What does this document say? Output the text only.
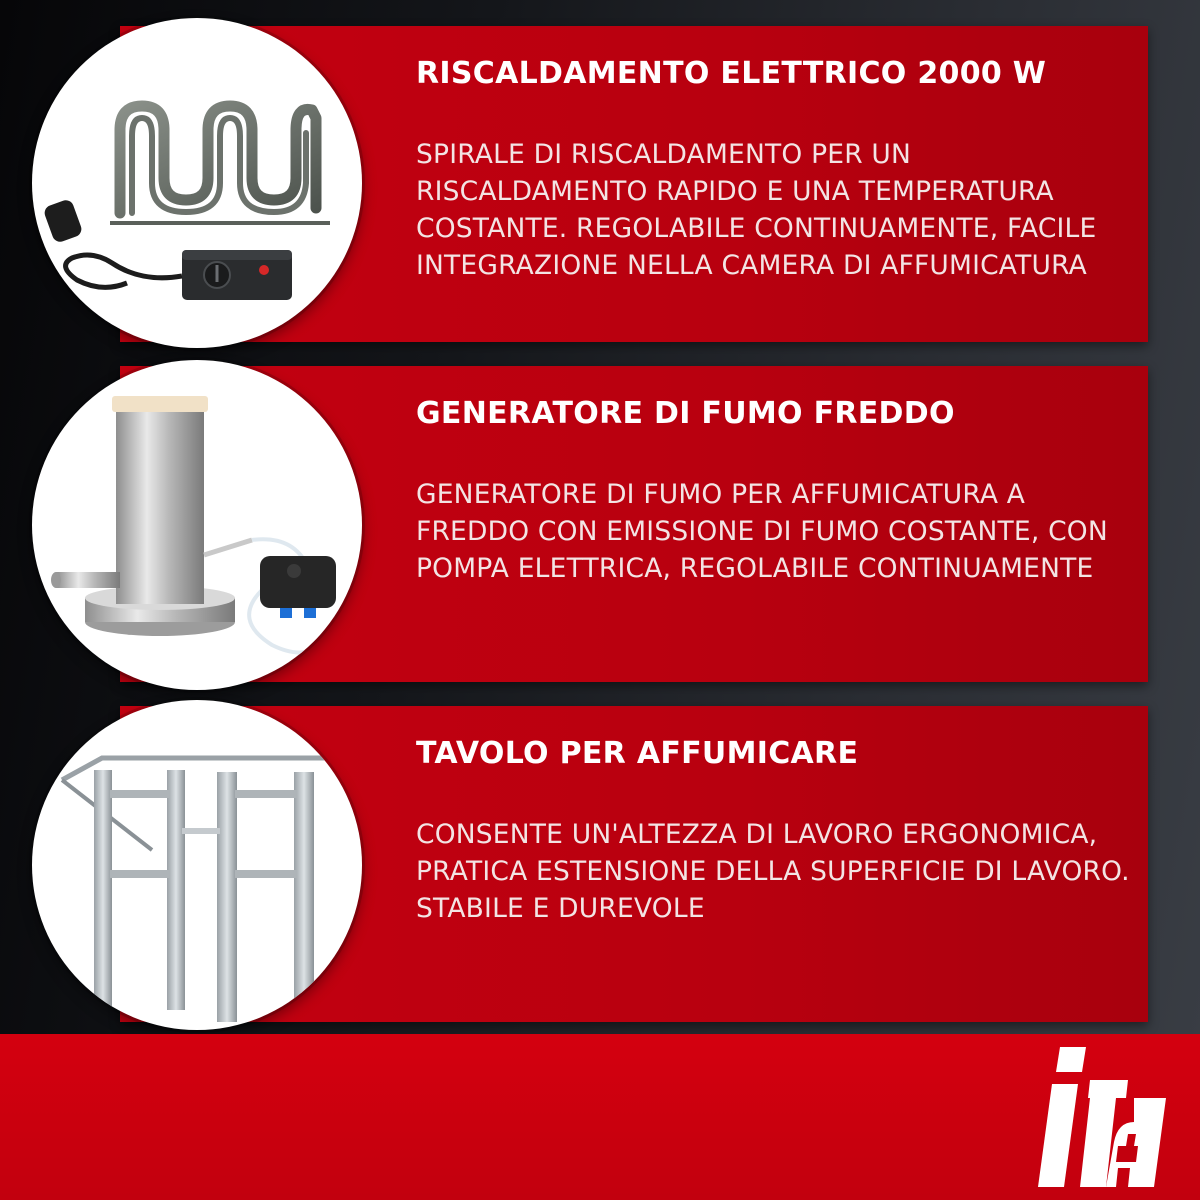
RISCALDAMENTO ELETTRICO 2000 W

SPIRALE DI RISCALDAMENTO PER UN RISCALDAMENTO RAPIDO E UNA TEMPERATURA COSTANTE. REGOLABILE CONTINUAMENTE, FACILE INTEGRAZIONE NELLA CAMERA DI AFFUMICATURA

GENERATORE DI FUMO FREDDO

GENERATORE DI FUMO PER AFFUMICATURA A FREDDO CON EMISSIONE DI FUMO COSTANTE, CON POMPA ELETTRICA, REGOLABILE CONTINUAMENTE

TAVOLO PER AFFUMICARE

CONSENTE UN'ALTEZZA DI LAVORO ERGONOMICA, PRATICA ESTENSIONE DELLA SUPERFICIE DI LAVORO. STABILE E DUREVOLE
